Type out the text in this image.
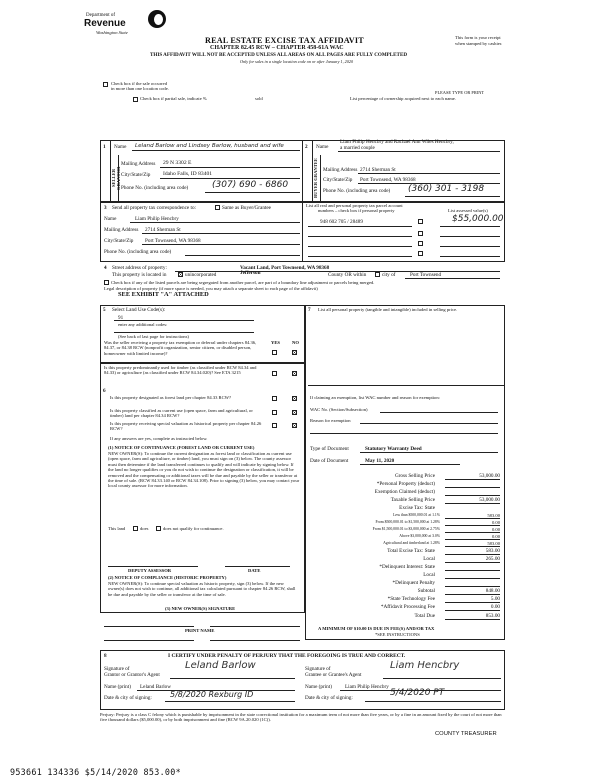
Department of
Revenue
Washington State
REAL ESTATE EXCISE TAX AFFIDAVIT
CHAPTER 82.45 RCW – CHAPTER 458-61A WAC
THIS AFFIDAVIT WILL NOT BE ACCEPTED UNLESS ALL AREAS ON ALL PAGES ARE FULLY COMPLETED
Only for sales in a single location code on or after January 1, 2020
This form is your receipt
when stamped by cashier.
PLEASE TYPE OR PRINT
Check box if the sale occurred
in more than one location code.
Check box if partial sale, indicate %	sold	List percentage of ownership acquired next to each name.
1
SELLER GRANTOR
Name Leland Barlow and Lindsey Barlow, husband and wife
Mailing Address 29 N 3302 E
City/State/Zip Idaho Falls, ID 83401
Phone No. (including area code)	(307) 690 - 6860
2
BUYER GRANTEE
Name
Liam Philip Hencbry and Rachael Ann Wiles Hencbry,
a married couple
Mailing Address 2714 Sherman St
City/State/Zip Port Townsend, WA 98368
Phone No. (including area code) (360) 301 - 3198
3 Send all property tax correspondence to:	Same as Buyer/Grantee
Name	Liam Philip Hencbry
Mailing Address 2714 Sherman St
City/State/Zip Port Townsend, WA 98368
Phone No. (including area code)
List all real and personal property tax parcel account
numbers – check box if personal property	List assessed value(s)
948 602 705 / 28489	$55,000.00
4 Street address of property:	Vacant Land, Port Townsend, WA 98368
This property is located in	unincorporated	Jefferson	County OR within	city of	Port Townsend
Check box if any of the listed parcels are being segregated from another parcel, are part of a boundary line adjustment or parcels being merged.
Legal description of property (if more space is needed, you may attach a separate sheet to each page of the affidavit)
SEE EXHIBIT "A" ATTACHED
5 Select Land Use Code(s):
91
enter any additional codes:
(See back of last page for instructions)
YES	NO
Was the seller receiving a property tax exemption or deferral under chapters 84.36, 84.37, or 84.38 RCW (nonprofit organization, senior citizen, or disabled person, homeowner with limited income)?
Is this property predominantly used for timber (as classified under RCW 84.34 and 84.33) or agriculture (as classified under RCW 84.34.020)? See ETA 3215
6
Is this property designated as forest land per chapter 84.33 RCW?
Is this property classified as current use (open space, farm and agricultural, or timber) land per chapter 84.34 RCW?
Is this property receiving special valuation as historical property per chapter 84.26 RCW?
If any answers are yes, complete as instructed below.
(1) NOTICE OF CONTINUANCE (FOREST LAND OR CURRENT USE)
NEW OWNER(S): To continue the current designation as forest land or classification as current use (open space, farm and agriculture, or timber) land, you must sign on (3) below. The county assessor must then determine if the land transferred continues to qualify and will indicate by signing below. If the land no longer qualifies or you do not wish to continue the designation or classification, it will be removed and the compensating or additional taxes will be due and payable by the seller or transferor at the time of sale. (RCW 84.33.140 or RCW 84.34.108). Prior to signing (3) below, you may contact your local county assessor for more information.
This land	does	does not qualify for continuance.
DEPUTY ASSESSOR	DATE
(2) NOTICE OF COMPLIANCE (HISTORIC PROPERTY)
NEW OWNER(S): To continue special valuation as historic property, sign (3) below. If the new owner(s) does not wish to continue, all additional tax calculated pursuant to chapter 84.26 RCW, shall be due and payable by the seller or transferor at the time of sale.
(3) NEW OWNER(S) SIGNATURE
PRINT NAME
7 List all personal property (tangible and intangible) included in selling price.
If claiming an exemption, list WAC number and reason for exemption:
WAC No. (Section/Subsection)
Reason for exemption
Type of Document	Statutory Warranty Deed
Date of Document	May 11, 2020
Gross Selling Price	53,000.00
*Personal Property (deduct)
Exemption Claimed (deduct)
Taxable Selling Price	53,000.00
Excise Tax: State
Less than $500,000.01 at 1.1%	583.00
From $500,000.01 to $1,500,000 at 1.28%	0.00
From $1,500,000.01 to $3,000,000 at 2.75%	0.00
Above $3,000,000 at 3.0%	0.00
Agricultural and timberland at 1.28%	583.00
Total Excise Tax: State	583.00
Local	265.00
*Delinquent Interest: State
Local
*Delinquent Penalty
Subtotal	848.00
*State Technology Fee	5.00
*Affidavit Processing Fee	0.00
Total Due	853.00
A MINIMUM OF $10.00 IS DUE IN FEE(S) AND/OR TAX
*SEE INSTRUCTIONS
8	I CERTIFY UNDER PENALTY OF PERJURY THAT THE FOREGOING IS TRUE AND CORRECT.
Signature of
Grantor or Grantor's Agent
Leland Barlow	Signature of
Grantee or Grantee's Agent
Liam Hencbry
Name (print) Leland Barlow	Name (print)	Liam Philip Hencbry
Date & city of signing: 5/8/2020 Rexburg ID	Date & city of signing:	5/4/2020 PT
Perjury: Perjury is a class C felony which is punishable by imprisonment in the state correctional institution for a maximum term of not more than five years, or by a fine in an amount fixed by the court of not more than five thousand dollars ($5,000.00), or by both imprisonment and fine (RCW 9A.20.020 (1C)).
953661 134336 $5/14/2020 853.00*
COUNTY TREASURER
